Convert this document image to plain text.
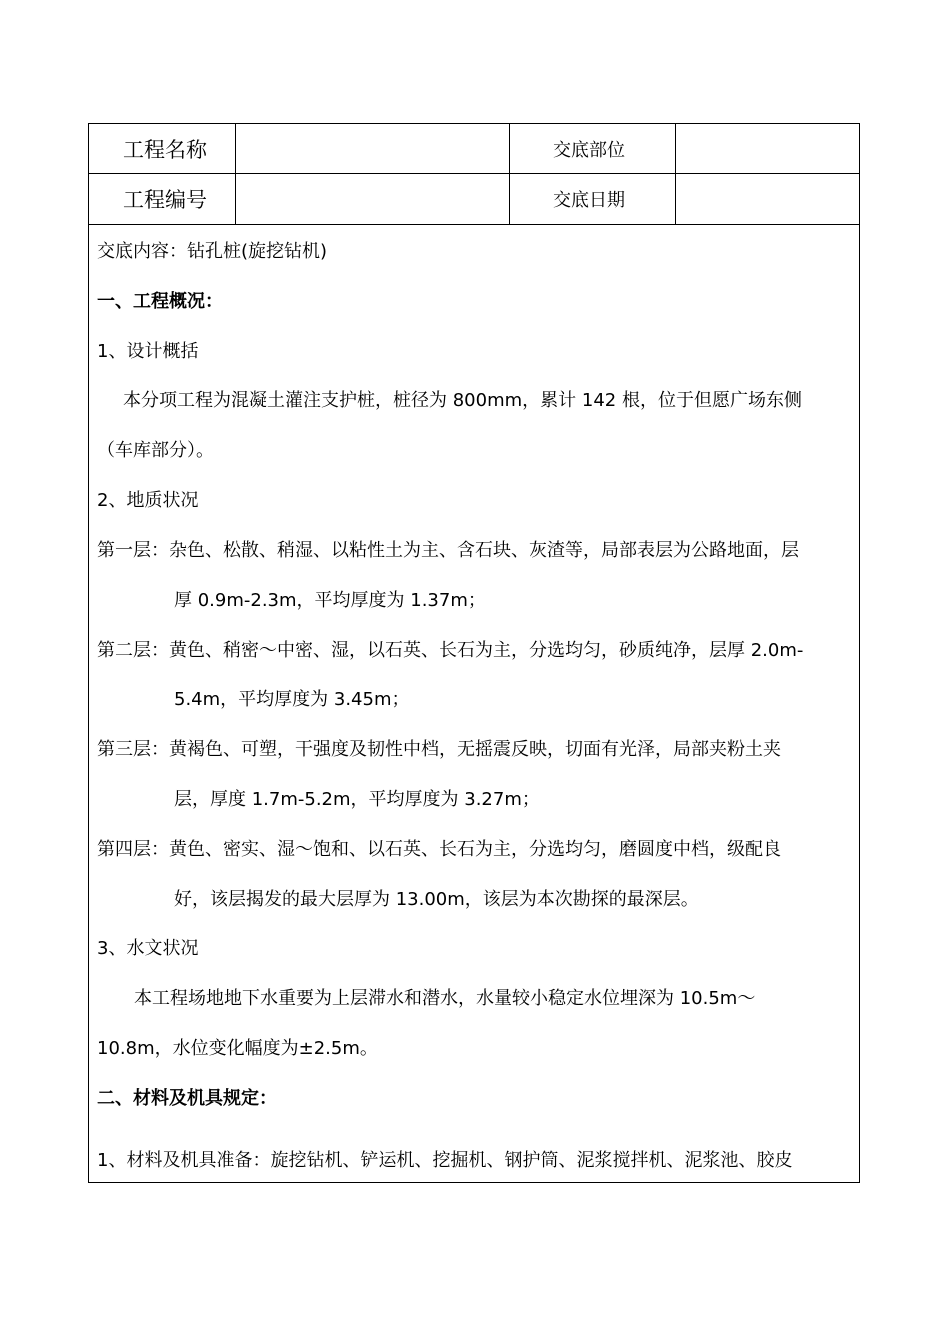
工程名称	交底部位
工程编号	交底日期
交底内容：钻孔桩(旋挖钻机)
一、工程概况：
1、设计概括
本分项工程为混凝土灌注支护桩，桩径为 800mm，累计 142 根，位于但愿广场东侧
（车库部分）。
2、地质状况
第一层：杂色、松散、稍湿、以粘性土为主、含石块、灰渣等，局部表层为公路地面，层
厚 0.9m-2.3m，平均厚度为 1.37m；
第二层：黄色、稍密～中密、湿，以石英、长石为主，分选均匀，砂质纯净，层厚 2.0m-
5.4m，平均厚度为 3.45m；
第三层：黄褐色、可塑，干强度及韧性中档，无摇震反映，切面有光泽，局部夹粉土夹
层，厚度 1.7m-5.2m，平均厚度为 3.27m；
第四层：黄色、密实、湿～饱和、以石英、长石为主，分选均匀，磨圆度中档，级配良
好，该层揭发的最大层厚为 13.00m，该层为本次勘探的最深层。
3、水文状况
本工程场地地下水重要为上层滞水和潜水，水量较小稳定水位埋深为 10.5m～
10.8m，水位变化幅度为±2.5m。
二、材料及机具规定：
1、材料及机具准备：旋挖钻机、铲运机、挖掘机、钢护筒、泥浆搅拌机、泥浆池、胶皮
